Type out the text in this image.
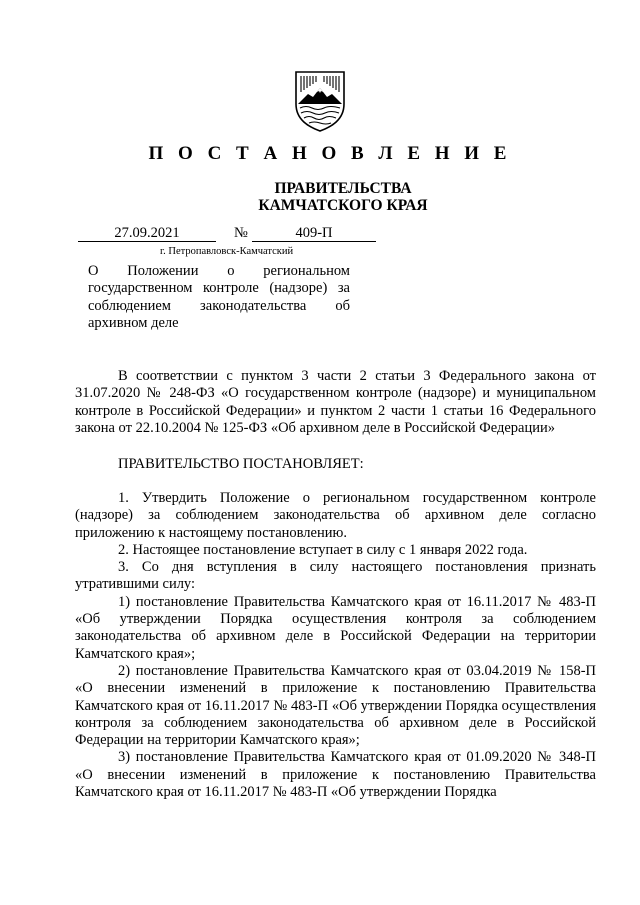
П О С Т А Н О В Л Е Н И Е
ПРАВИТЕЛЬСТВА
КАМЧАТСКОГО КРАЯ
27.09.2021	№	409-П
г. Петропавловск-Камчатский
О Положении о региональном государственном контроле (надзоре) за соблюдением законодательства об архивном деле

В соответствии с пунктом 3 части 2 статьи 3 Федерального закона от 31.07.2020 № 248-ФЗ «О государственном контроле (надзоре) и муниципальном контроле в Российской Федерации» и пунктом 2 части 1 статьи 16 Федерального закона от 22.10.2004 № 125-ФЗ «Об архивном деле в Российской Федерации»

ПРАВИТЕЛЬСТВО ПОСТАНОВЛЯЕТ:

1. Утвердить Положение о региональном государственном контроле (надзоре) за соблюдением законодательства об архивном деле согласно приложению к настоящему постановлению.

2. Настоящее постановление вступает в силу с 1 января 2022 года.

3. Со дня вступления в силу настоящего постановления признать утратившими силу:

1) постановление Правительства Камчатского края от 16.11.2017 № 483-П «Об утверждении Порядка осуществления контроля за соблюдением законодательства об архивном деле в Российской Федерации на территории Камчатского края»;

2) постановление Правительства Камчатского края от 03.04.2019 № 158-П «О внесении изменений в приложение к постановлению Правительства Камчатского края от 16.11.2017 № 483-П «Об утверждении Порядка осуществления контроля за соблюдением законодательства об архивном деле в Российской Федерации на территории Камчатского края»;

3) постановление Правительства Камчатского края от 01.09.2020 № 348-П «О внесении изменений в приложение к постановлению Правительства Камчатского края от 16.11.2017 № 483-П «Об утверждении Порядка
